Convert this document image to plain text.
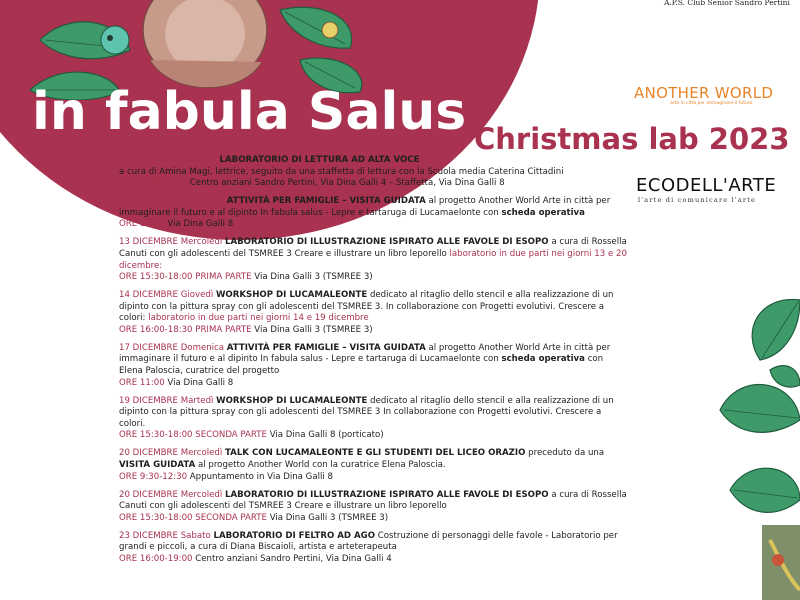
in fabula Salus Christmas lab 2023
A.P.S. Club Senior Sandro Pertini
ANOTHER WORLD
arte in città per immaginare il futuro
ECODELL'ARTE
l'arte di comunicare l'arte
6 DICEMBRE Mercoledì LABORATORIO DI LETTURA AD ALTA VOCE
a cura di Amina Magi, lettrice, seguito da una staffetta di lettura con la Scuola media Caterina Cittadini
ORE 9:30-12:30 Centro anziani Sandro Pertini, Via Dina Galli 4 – Staffetta, Via Dina Galli 8
10 DICEMBRE Domenica ATTIVITÀ PER FAMIGLIE – VISITA GUIDATA al progetto Another World Arte in città per immaginare il futuro e al dipinto In fabula salus - Lepre e tartaruga di Lucamaelonte con scheda operativa
ORE 11:00 Via Dina Galli 8
13 DICEMBRE Mercoledì LABORATORIO DI ILLUSTRAZIONE ISPIRATO ALLE FAVOLE DI ESOPO a cura di Rossella Canuti con gli adolescenti del TSMREE 3 Creare e illustrare un libro leporello laboratorio in due parti nei giorni 13 e 20 dicembre:
ORE 15:30-18:00 PRIMA PARTE Via Dina Galli 3 (TSMREE 3)
14 DICEMBRE Giovedì WORKSHOP DI LUCAMALEONTE dedicato al ritaglio dello stencil e alla realizzazione di un dipinto con la pittura spray con gli adolescenti del TSMREE 3. In collaborazione con Progetti evolutivi. Crescere a colori: laboratorio in due parti nei giorni 14 e 19 dicembre
ORE 16:00-18:30 PRIMA PARTE Via Dina Galli 3 (TSMREE 3)
17 DICEMBRE Domenica ATTIVITÀ PER FAMIGLIE – VISITA GUIDATA al progetto Another World Arte in città per immaginare il futuro e al dipinto In fabula salus - Lepre e tartaruga di Lucamaelonte con scheda operativa con Elena Paloscia, curatrice del progetto
ORE 11:00 Via Dina Galli 8
19 DICEMBRE Martedì WORKSHOP DI LUCAMALEONTE dedicato al ritaglio dello stencil e alla realizzazione di un dipinto con la pittura spray con gli adolescenti del TSMREE 3 In collaborazione con Progetti evolutivi. Crescere a colori.
ORE 15:30-18:00 SECONDA PARTE Via Dina Galli 8 (porticato)
20 DICEMBRE Mercoledì TALK CON LUCAMALEONTE E GLI STUDENTI DEL LICEO ORAZIO preceduto da una VISITA GUIDATA al progetto Another World con la curatrice Elena Paloscia.
ORE 9:30-12:30 Appuntamento in Via Dina Galli 8
20 DICEMBRE Mercoledì LABORATORIO DI ILLUSTRAZIONE ISPIRATO ALLE FAVOLE DI ESOPO a cura di Rossella Canuti con gli adolescenti del TSMREE 3 Creare e illustrare un libro leporello
ORE 15:30-18:00 SECONDA PARTE Via Dina Galli 3 (TSMREE 3)
23 DICEMBRE Sabato LABORATORIO DI FELTRO AD AGO Costruzione di personaggi delle favole - Laboratorio per grandi e piccoli, a cura di Diana Biscaioli, artista e arteterapeuta
ORE 16:00-19:00 Centro anziani Sandro Pertini, Via Dina Galli 4
